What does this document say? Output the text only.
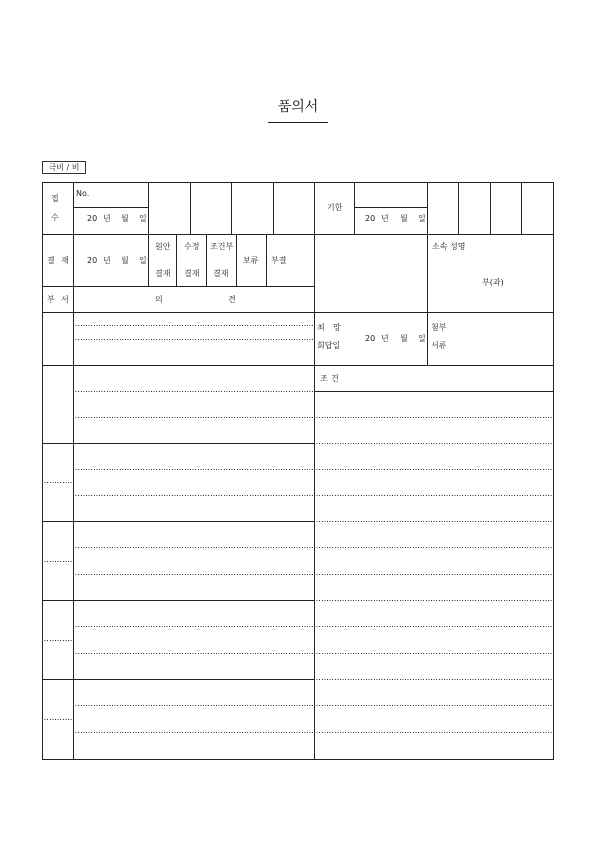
품의서
극비 / 비
접
수
No.
20 년 월 일
기한
20 년 월 일
결 재 20 년 월 일
원안
결재
수정
결재
조건부
결재
보류 부결
소속 성명
부(과)
부 서	의	견
최 망
회답일
20 년 월 일
첨부
서류
조 건
